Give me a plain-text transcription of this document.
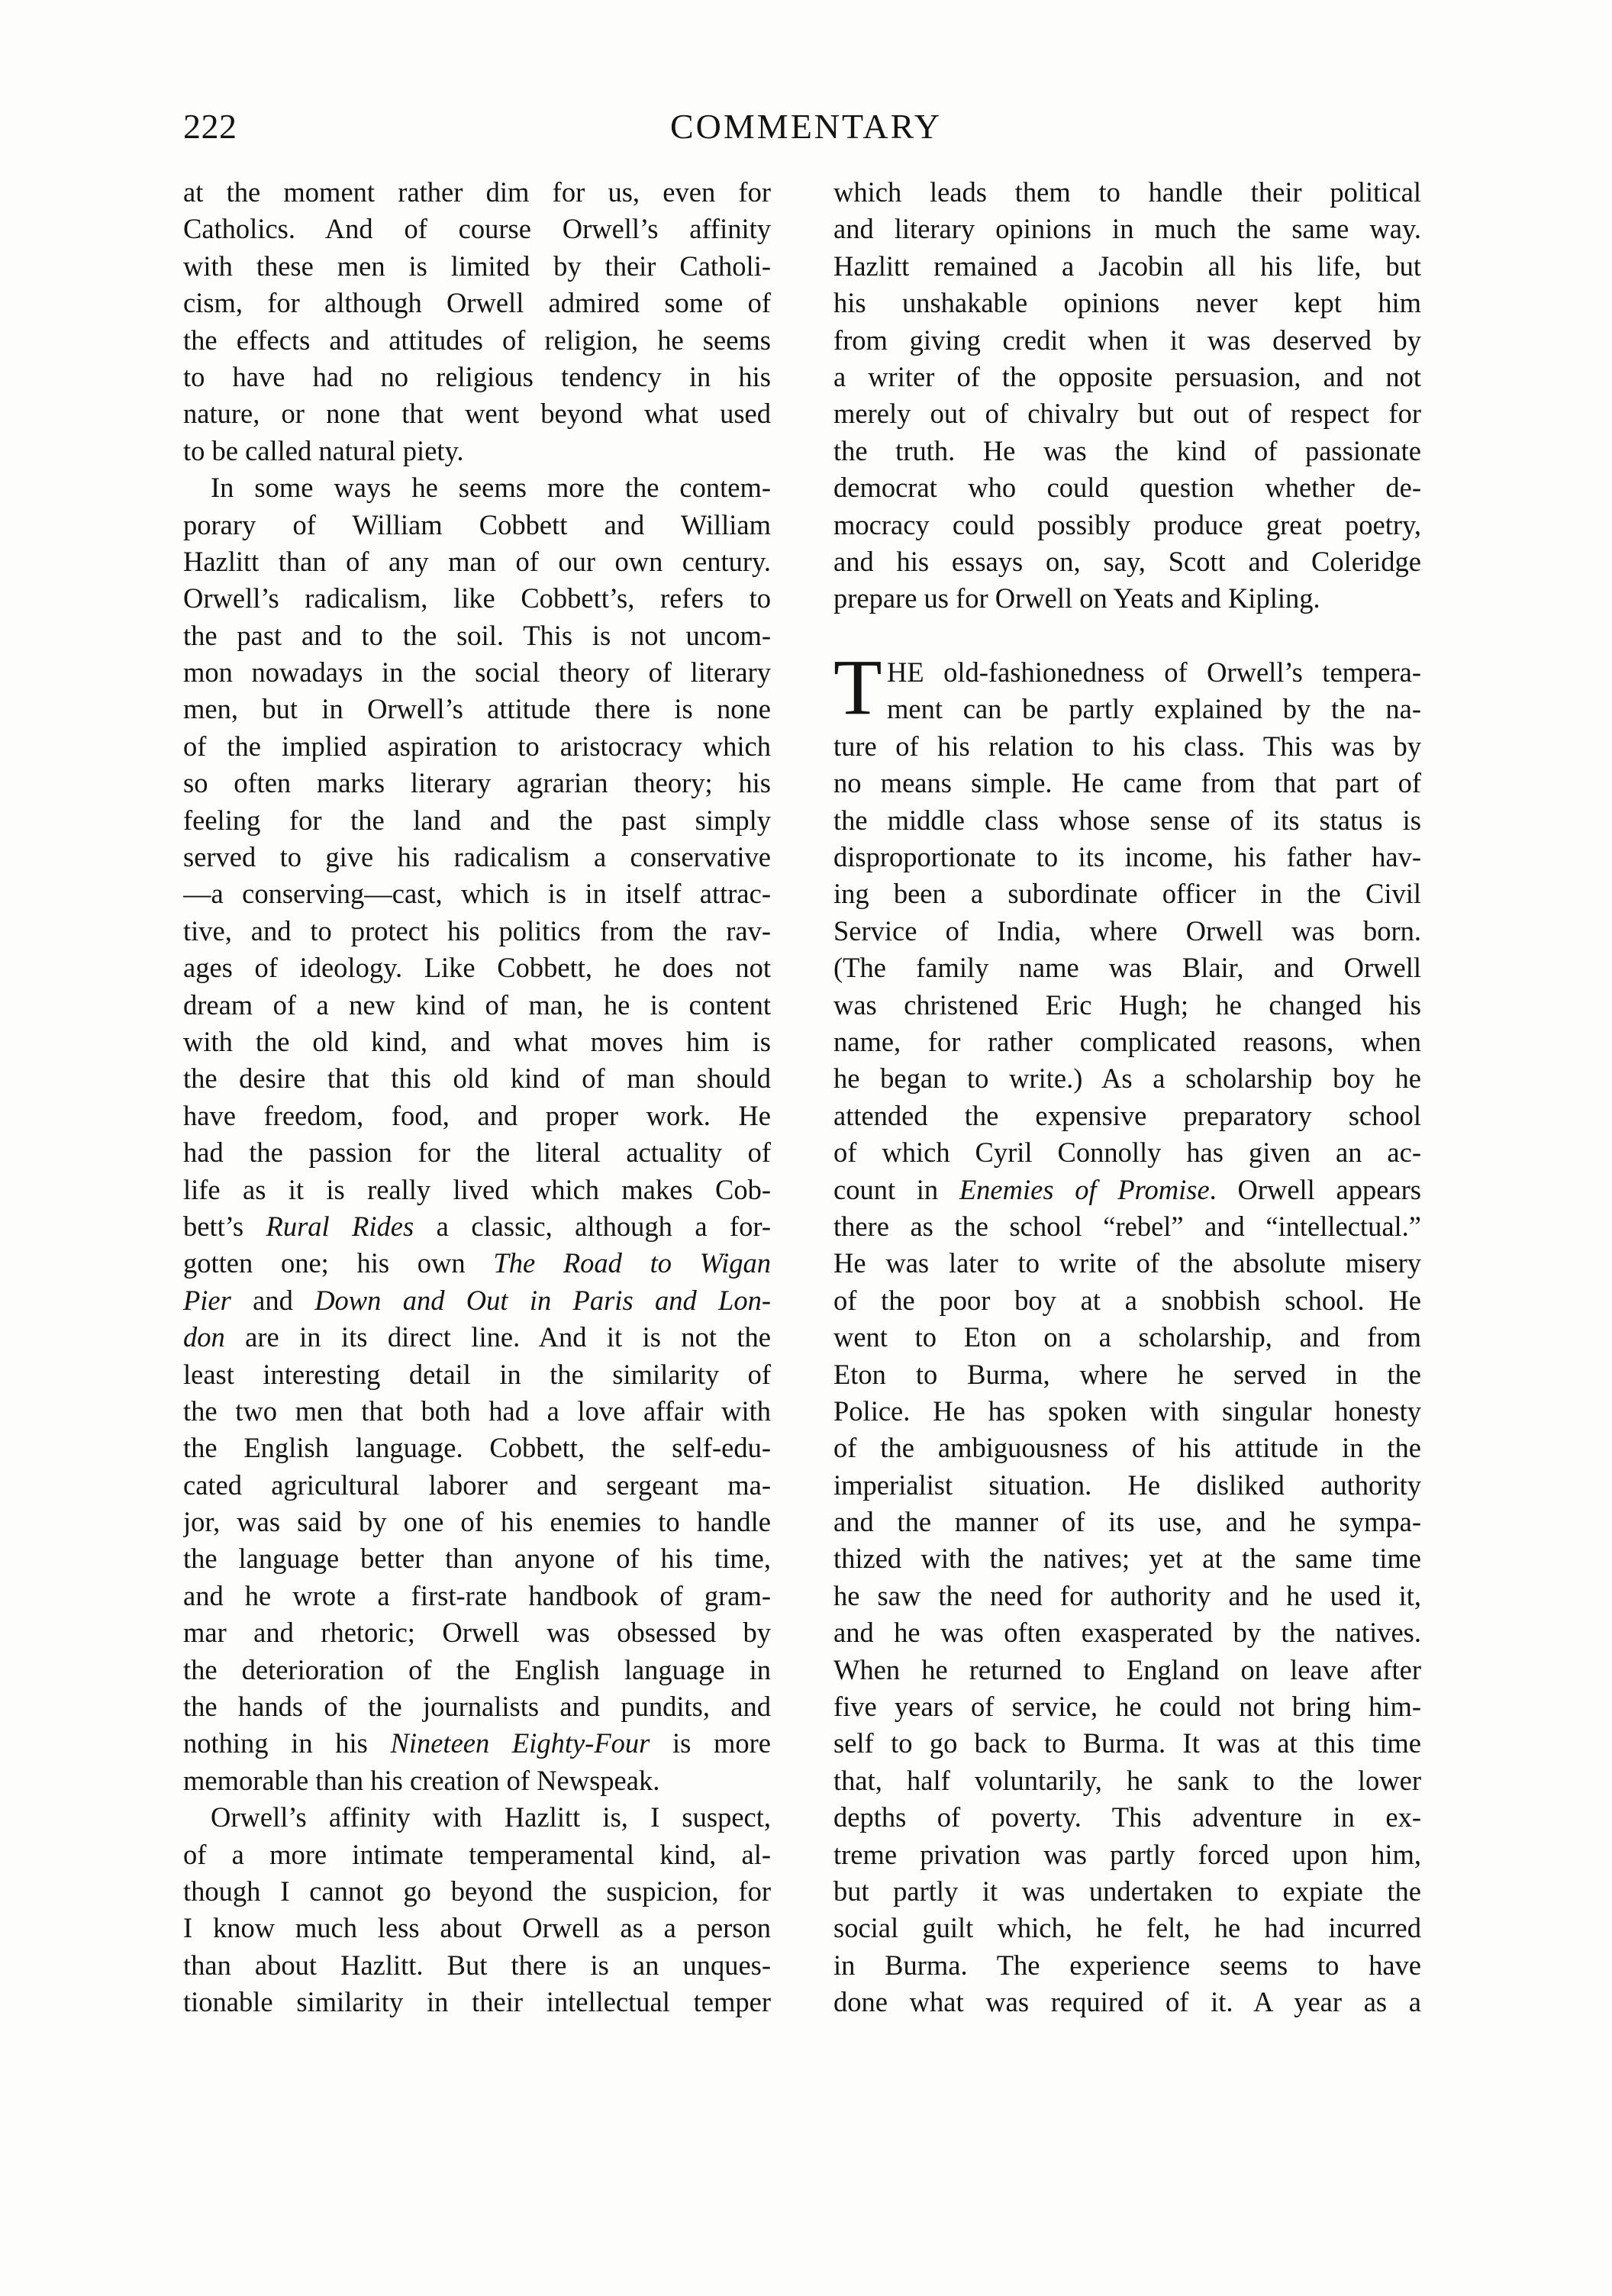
222	COMMENTARY
at the moment rather dim for us, even for
Catholics. And of course Orwell’s affinity
with these men is limited by their Catholi-
cism, for although Orwell admired some of
the effects and attitudes of religion, he seems
to have had no religious tendency in his
nature, or none that went beyond what used
to be called natural piety.
In some ways he seems more the contem-
porary of William Cobbett and William
Hazlitt than of any man of our own century.
Orwell’s radicalism, like Cobbett’s, refers to
the past and to the soil. This is not uncom-
mon nowadays in the social theory of literary
men, but in Orwell’s attitude there is none
of the implied aspiration to aristocracy which
so often marks literary agrarian theory; his
feeling for the land and the past simply
served to give his radicalism a conservative
—a conserving—cast, which is in itself attrac-
tive, and to protect his politics from the rav-
ages of ideology. Like Cobbett, he does not
dream of a new kind of man, he is content
with the old kind, and what moves him is
the desire that this old kind of man should
have freedom, food, and proper work. He
had the passion for the literal actuality of
life as it is really lived which makes Cob-
bett’s Rural Rides a classic, although a for-
gotten one; his own The Road to Wigan
Pier and Down and Out in Paris and Lon-
don are in its direct line. And it is not the
least interesting detail in the similarity of
the two men that both had a love affair with
the English language. Cobbett, the self-edu-
cated agricultural laborer and sergeant ma-
jor, was said by one of his enemies to handle
the language better than anyone of his time,
and he wrote a first-rate handbook of gram-
mar and rhetoric; Orwell was obsessed by
the deterioration of the English language in
the hands of the journalists and pundits, and
nothing in his Nineteen Eighty-Four is more
memorable than his creation of Newspeak.
Orwell’s affinity with Hazlitt is, I suspect,
of a more intimate temperamental kind, al-
though I cannot go beyond the suspicion, for
I know much less about Orwell as a person
than about Hazlitt. But there is an unques-
tionable similarity in their intellectual temper
T
which leads them to handle their political
and literary opinions in much the same way.
Hazlitt remained a Jacobin all his life, but
his unshakable opinions never kept him
from giving credit when it was deserved by
a writer of the opposite persuasion, and not
merely out of chivalry but out of respect for
the truth. He was the kind of passionate
democrat who could question whether de-
mocracy could possibly produce great poetry,
and his essays on, say, Scott and Coleridge
prepare us for Orwell on Yeats and Kipling.
HE old-fashionedness of Orwell’s tempera-
ment can be partly explained by the na-
ture of his relation to his class. This was by
no means simple. He came from that part of
the middle class whose sense of its status is
disproportionate to its income, his father hav-
ing been a subordinate officer in the Civil
Service of India, where Orwell was born.
(The family name was Blair, and Orwell
was christened Eric Hugh; he changed his
name, for rather complicated reasons, when
he began to write.) As a scholarship boy he
attended the expensive preparatory school
of which Cyril Connolly has given an ac-
count in Enemies of Promise. Orwell appears
there as the school “rebel” and “intellectual.”
He was later to write of the absolute misery
of the poor boy at a snobbish school. He
went to Eton on a scholarship, and from
Eton to Burma, where he served in the
Police. He has spoken with singular honesty
of the ambiguousness of his attitude in the
imperialist situation. He disliked authority
and the manner of its use, and he sympa-
thized with the natives; yet at the same time
he saw the need for authority and he used it,
and he was often exasperated by the natives.
When he returned to England on leave after
five years of service, he could not bring him-
self to go back to Burma. It was at this time
that, half voluntarily, he sank to the lower
depths of poverty. This adventure in ex-
treme privation was partly forced upon him,
but partly it was undertaken to expiate the
social guilt which, he felt, he had incurred
in Burma. The experience seems to have
done what was required of it. A year as a
